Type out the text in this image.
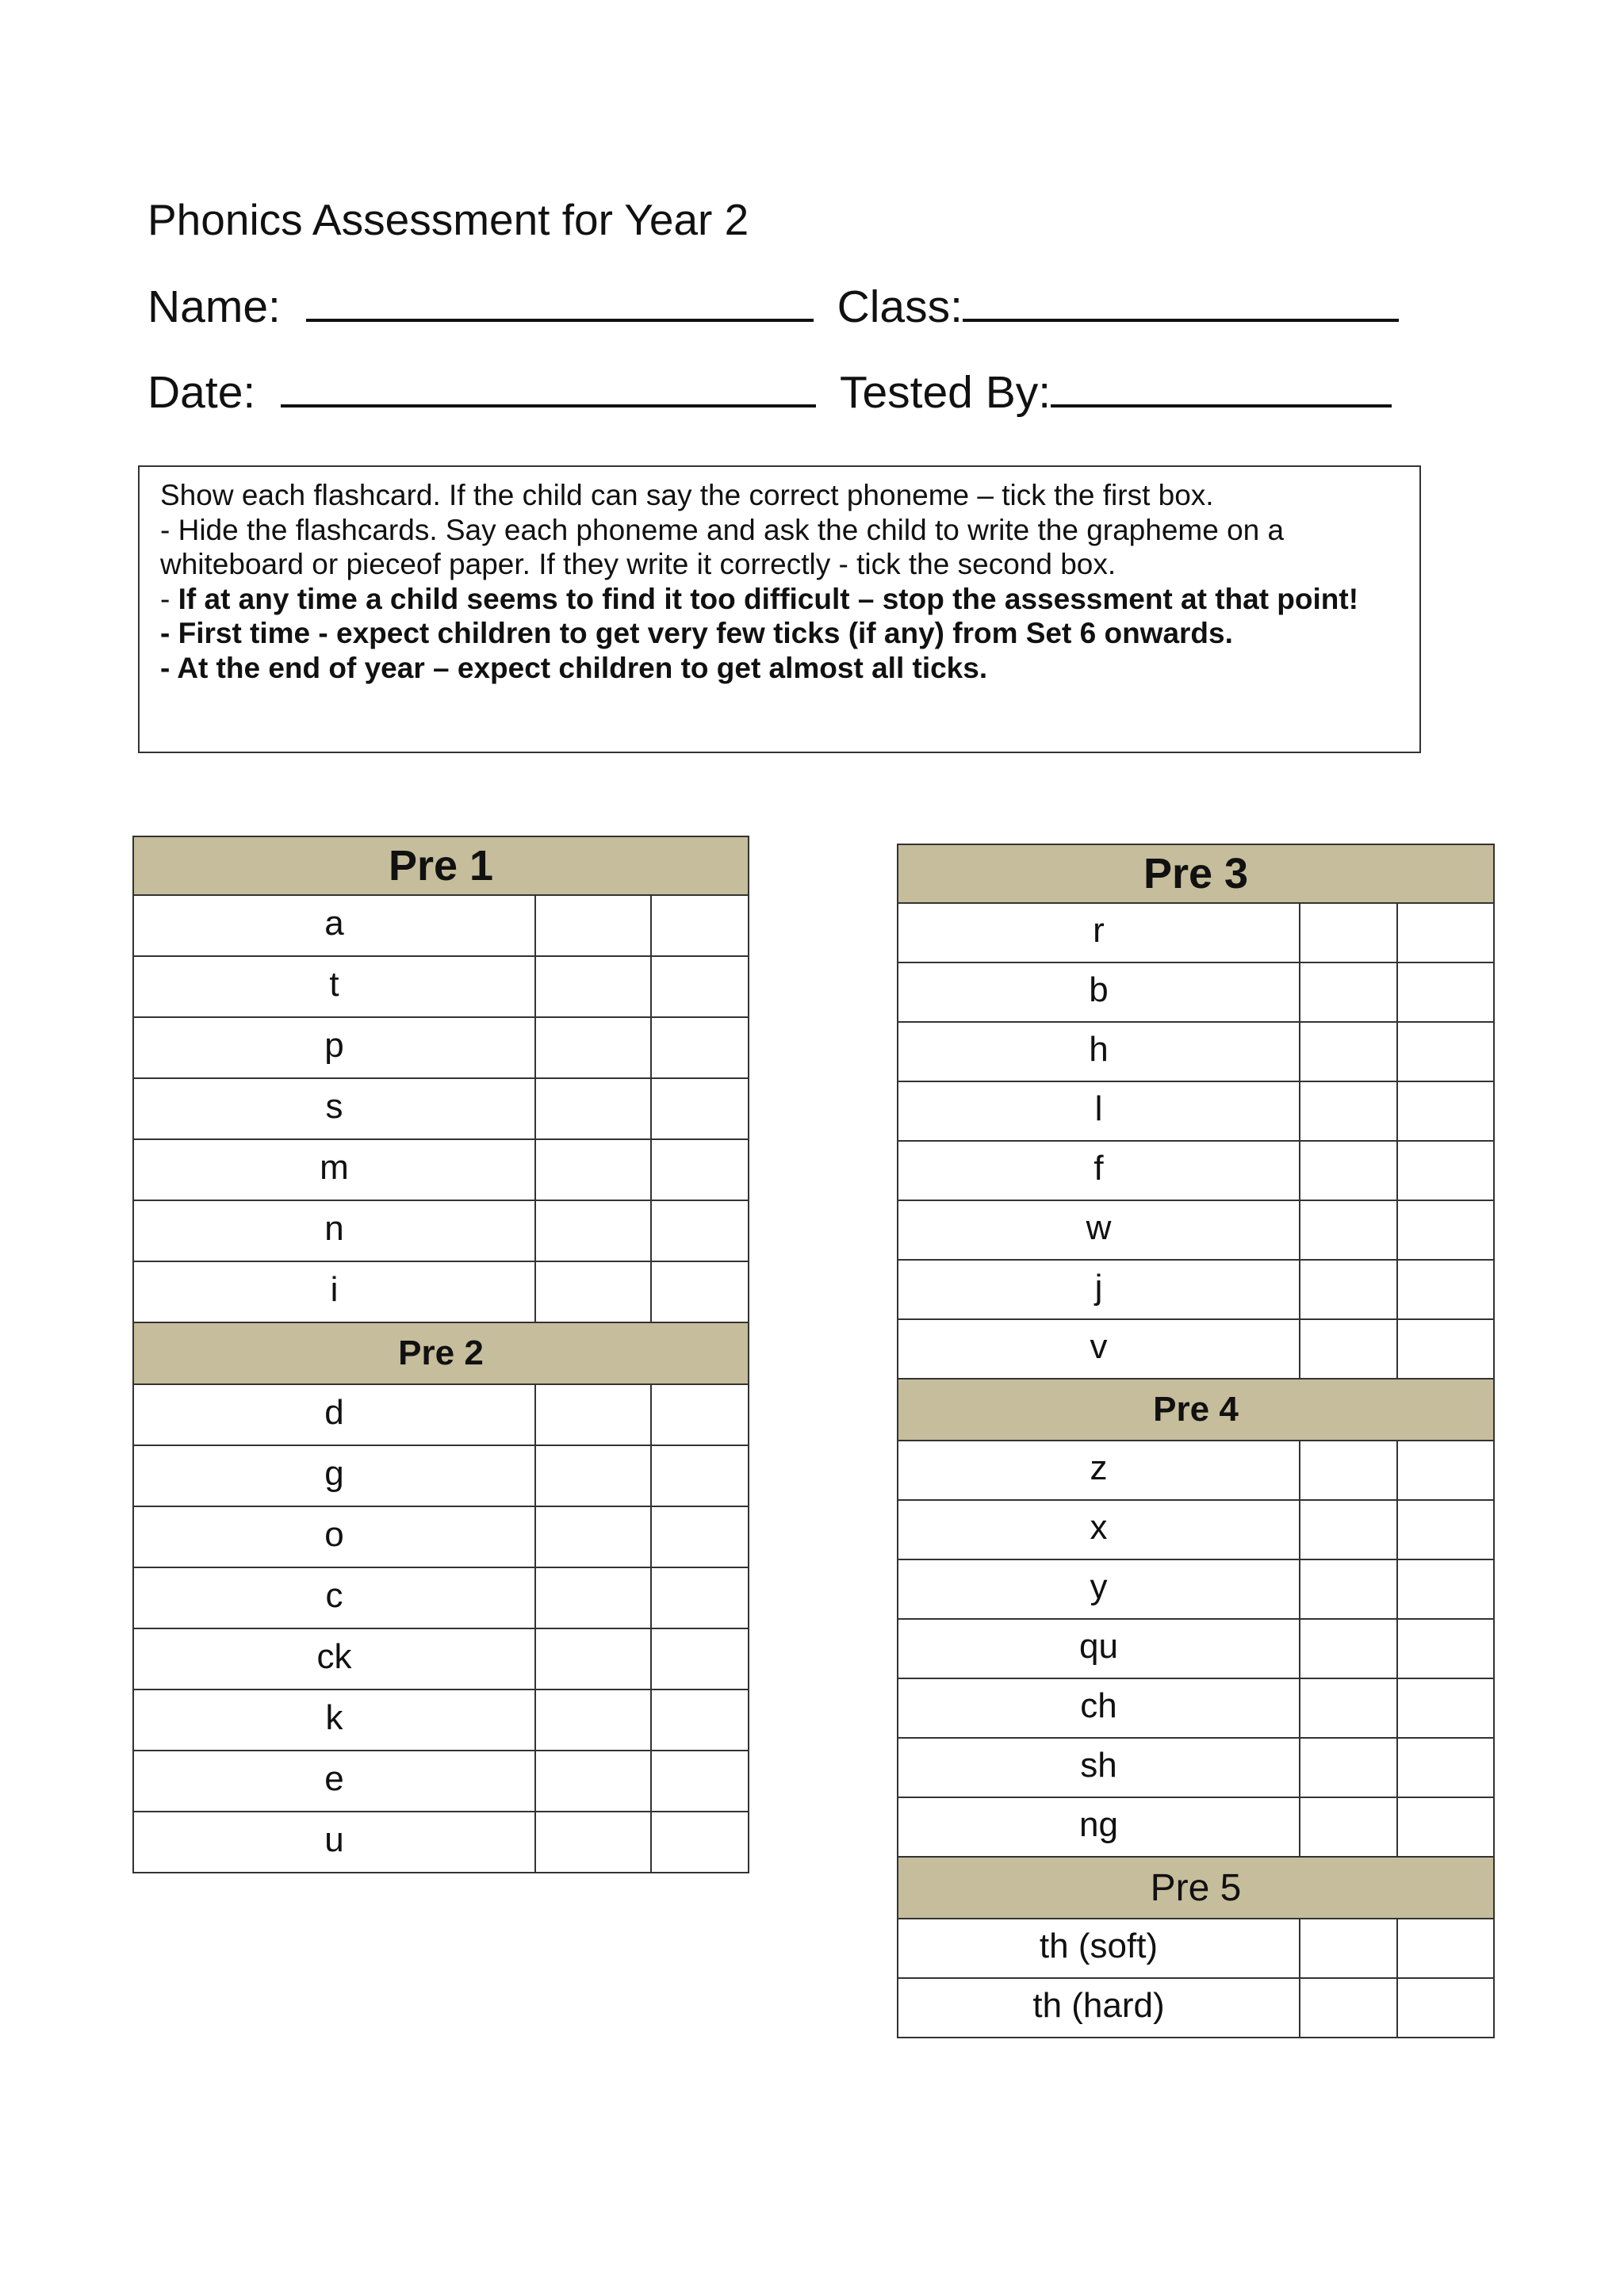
Phonics Assessment for Year 2
Name:	Class:
Date:	Tested By:

Show each flashcard. If the child can say the correct phoneme – tick the first box.

- Hide the flashcards. Say each phoneme and ask the child to write the grapheme on a whiteboard or pieceof paper. If they write it correctly - tick the second box.

- If at any time a child seems to find it too difficult – stop the assessment at that point!

- First time - expect children to get very few ticks (if any) from Set 6 onwards.

- At the end of year – expect children to get almost all ticks.

Pre 1		
a		
t		
p		
s		
m		
n		
i		
Pre 2		
d		
g		
o		
c		
ck		
k		
e		
u		
Pre 3		
r		
b		
h		
l		
f		
w		
j		
v		
Pre 4		
z		
x		
y		
qu		
ch		
sh		
ng		
Pre 5		
th (soft)		
th (hard)		
